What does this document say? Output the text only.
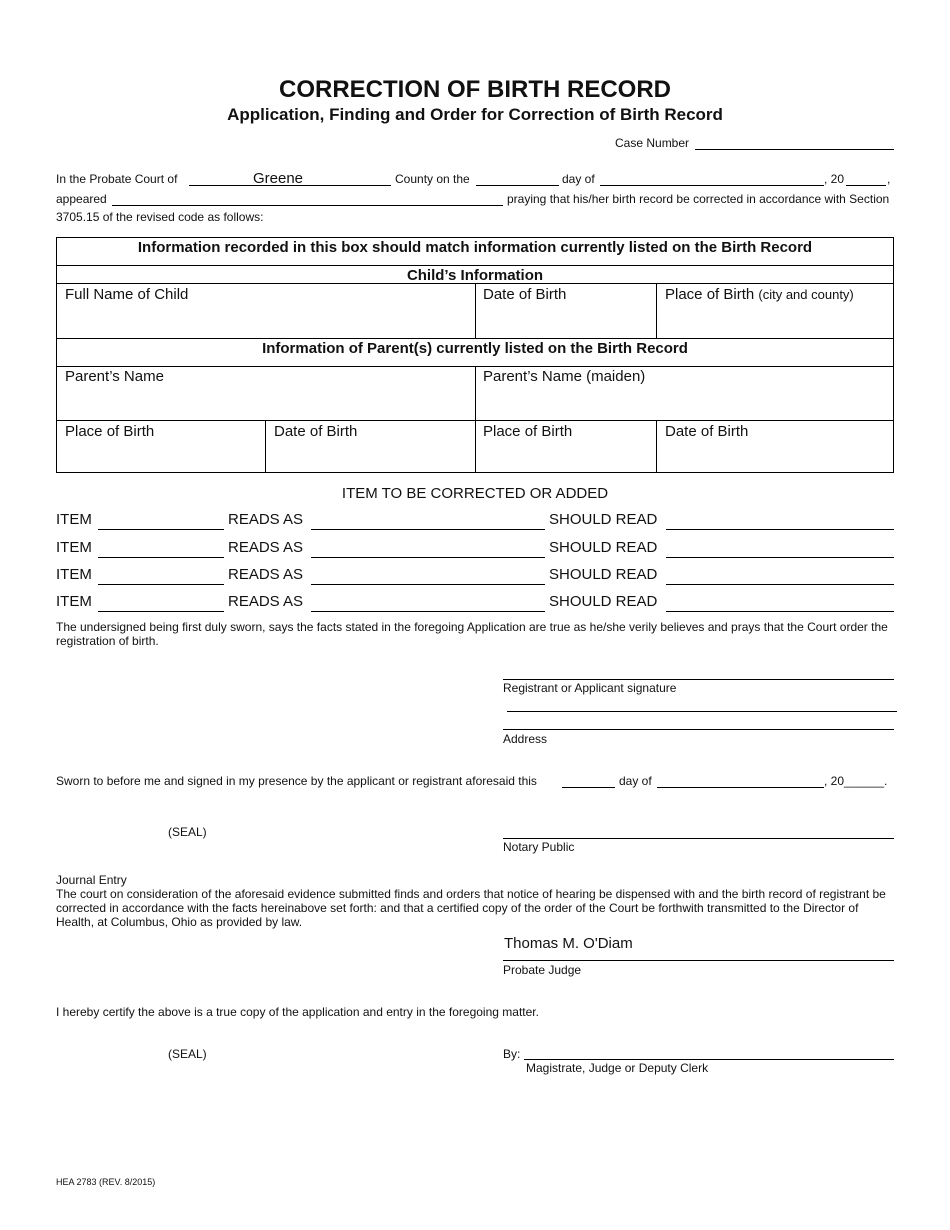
CORRECTION OF BIRTH RECORD
Application, Finding and Order for Correction of Birth Record
Case Number
In the Probate Court of	Greene	County on the	day of	, 20	,
appeared	praying that his/her birth record be corrected in accordance with Section
3705.15 of the revised code as follows:
Information recorded in this box should match information currently listed on the Birth Record
Child’s Information
Full Name of Child	Date of Birth	Place of Birth (city and county)
Information of Parent(s) currently listed on the Birth Record
Parent’s Name	Parent’s Name (maiden)
Place of Birth	Date of Birth	Place of Birth	Date of Birth
ITEM TO BE CORRECTED OR ADDED
ITEM	READS AS	SHOULD READ
ITEM	READS AS	SHOULD READ
ITEM	READS AS	SHOULD READ
ITEM	READS AS	SHOULD READ
The undersigned being first duly sworn, says the facts stated in the foregoing Application are true as he/she verily believes and prays that the Court order the registration of birth.
Registrant or Applicant signature
Address
Sworn to before me and signed in my presence by the applicant or registrant aforesaid this	day of	, 20______.
(SEAL)
Notary Public
Journal Entry
The court on consideration of the aforesaid evidence submitted finds and orders that notice of hearing be dispensed with and the birth record of registrant be corrected in accordance with the facts hereinabove set forth: and that a certified copy of the order of the Court be forthwith transmitted to the Director of Health, at Columbus, Ohio as provided by law.
Thomas M. O'Diam
Probate Judge
I hereby certify the above is a true copy of the application and entry in the foregoing matter.
(SEAL)	By:
Magistrate, Judge or Deputy Clerk
HEA 2783 (REV. 8/2015)
